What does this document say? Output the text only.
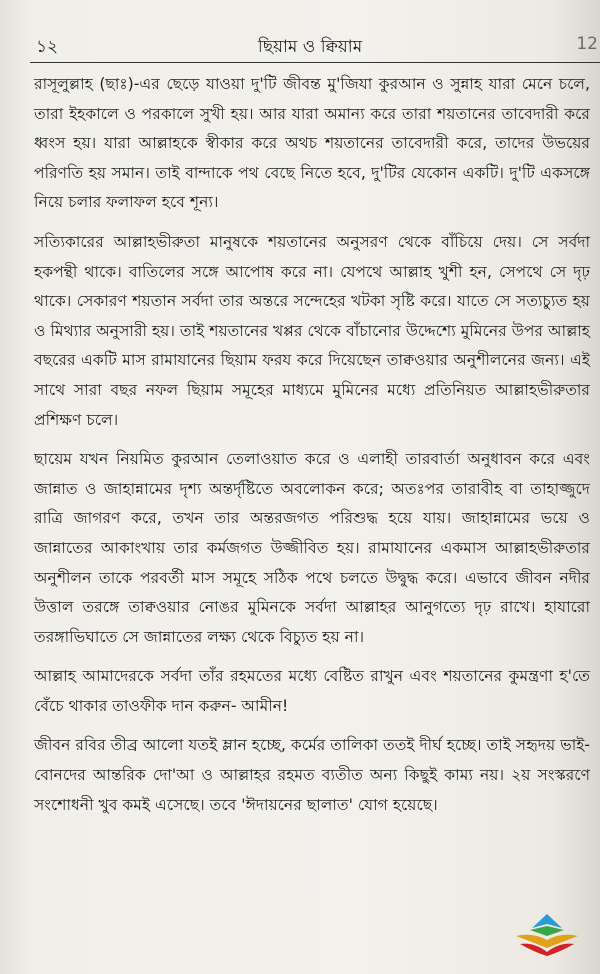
১২	ছিয়াম ও ক্বিয়াম	12

রাসূলুল্লাহ (ছাঃ)-এর ছেড়ে যাওয়া দু'টি জীবন্ত মু'জিযা কুরআন ও সুন্নাহ যারা মেনে চলে, তারা ইহকালে ও পরকালে সুখী হয়। আর যারা অমান্য করে তারা শয়তানের তাবেদারী করে ধ্বংস হয়। যারা আল্লাহকে স্বীকার করে অথচ শয়তানের তাবেদারী করে, তাদের উভয়ের পরিণতি হয় সমান। তাই বান্দাকে পথ বেছে নিতে হবে, দু'টির যেকোন একটি। দু'টি একসঙ্গে নিয়ে চলার ফলাফল হবে শূন্য।

সত্যিকারের আল্লাহভীরুতা মানুষকে শয়তানের অনুসরণ থেকে বাঁচিয়ে দেয়। সে সর্বদা হকপন্থী থাকে। বাতিলের সঙ্গে আপোষ করে না। যেপথে আল্লাহ খুশী হন, সেপথে সে দৃঢ় থাকে। সেকারণ শয়তান সর্বদা তার অন্তরে সন্দেহের খটকা সৃষ্টি করে। যাতে সে সত্যচ্যুত হয় ও মিথ্যার অনুসারী হয়। তাই শয়তানের খপ্পর থেকে বাঁচানোর উদ্দেশ্যে মুমিনের উপর আল্লাহ বছরের একটি মাস রামাযানের ছিয়াম ফরয করে দিয়েছেন তাক্বওয়ার অনুশীলনের জন্য। এই সাথে সারা বছর নফল ছিয়াম সমূহের মাধ্যমে মুমিনের মধ্যে প্রতিনিয়ত আল্লাহভীরুতার প্রশিক্ষণ চলে।

ছায়েম যখন নিয়মিত কুরআন তেলাওয়াত করে ও এলাহী তারবার্তা অনুধাবন করে এবং জান্নাত ও জাহান্নামের দৃশ্য অন্তর্দৃষ্টিতে অবলোকন করে; অতঃপর তারাবীহ বা তাহাজ্জুদে রাত্রি জাগরণ করে, তখন তার অন্তরজগত পরিশুদ্ধ হয়ে যায়। জাহান্নামের ভয়ে ও জান্নাতের আকাংখায় তার কর্মজগত উজ্জীবিত হয়। রামাযানের একমাস আল্লাহভীরুতার অনুশীলন তাকে পরবর্তী মাস সমূহে সঠিক পথে চলতে উদ্বুদ্ধ করে। এভাবে জীবন নদীর উত্তাল তরঙ্গে তাক্বওয়ার নোঙর মুমিনকে সর্বদা আল্লাহর আনুগত্যে দৃঢ় রাখে। হাযারো তরঙ্গাভিঘাতে সে জান্নাতের লক্ষ্য থেকে বিচ্যুত হয় না।

আল্লাহ আমাদেরকে সর্বদা তাঁর রহমতের মধ্যে বেষ্টিত রাখুন এবং শয়তানের কুমন্ত্রণা হ'তে বেঁচে থাকার তাওফীক দান করুন- আমীন!

জীবন রবির তীব্র আলো যতই ম্লান হচ্ছে, কর্মের তালিকা ততই দীর্ঘ হচ্ছে। তাই সহৃদয় ভাই-বোনদের আন্তরিক দো'আ ও আল্লাহর রহমত ব্যতীত অন্য কিছুই কাম্য নয়। ২য় সংস্করণে সংশোধনী খুব কমই এসেছে। তবে 'ঈদায়নের ছালাত' যোগ হয়েছে।
